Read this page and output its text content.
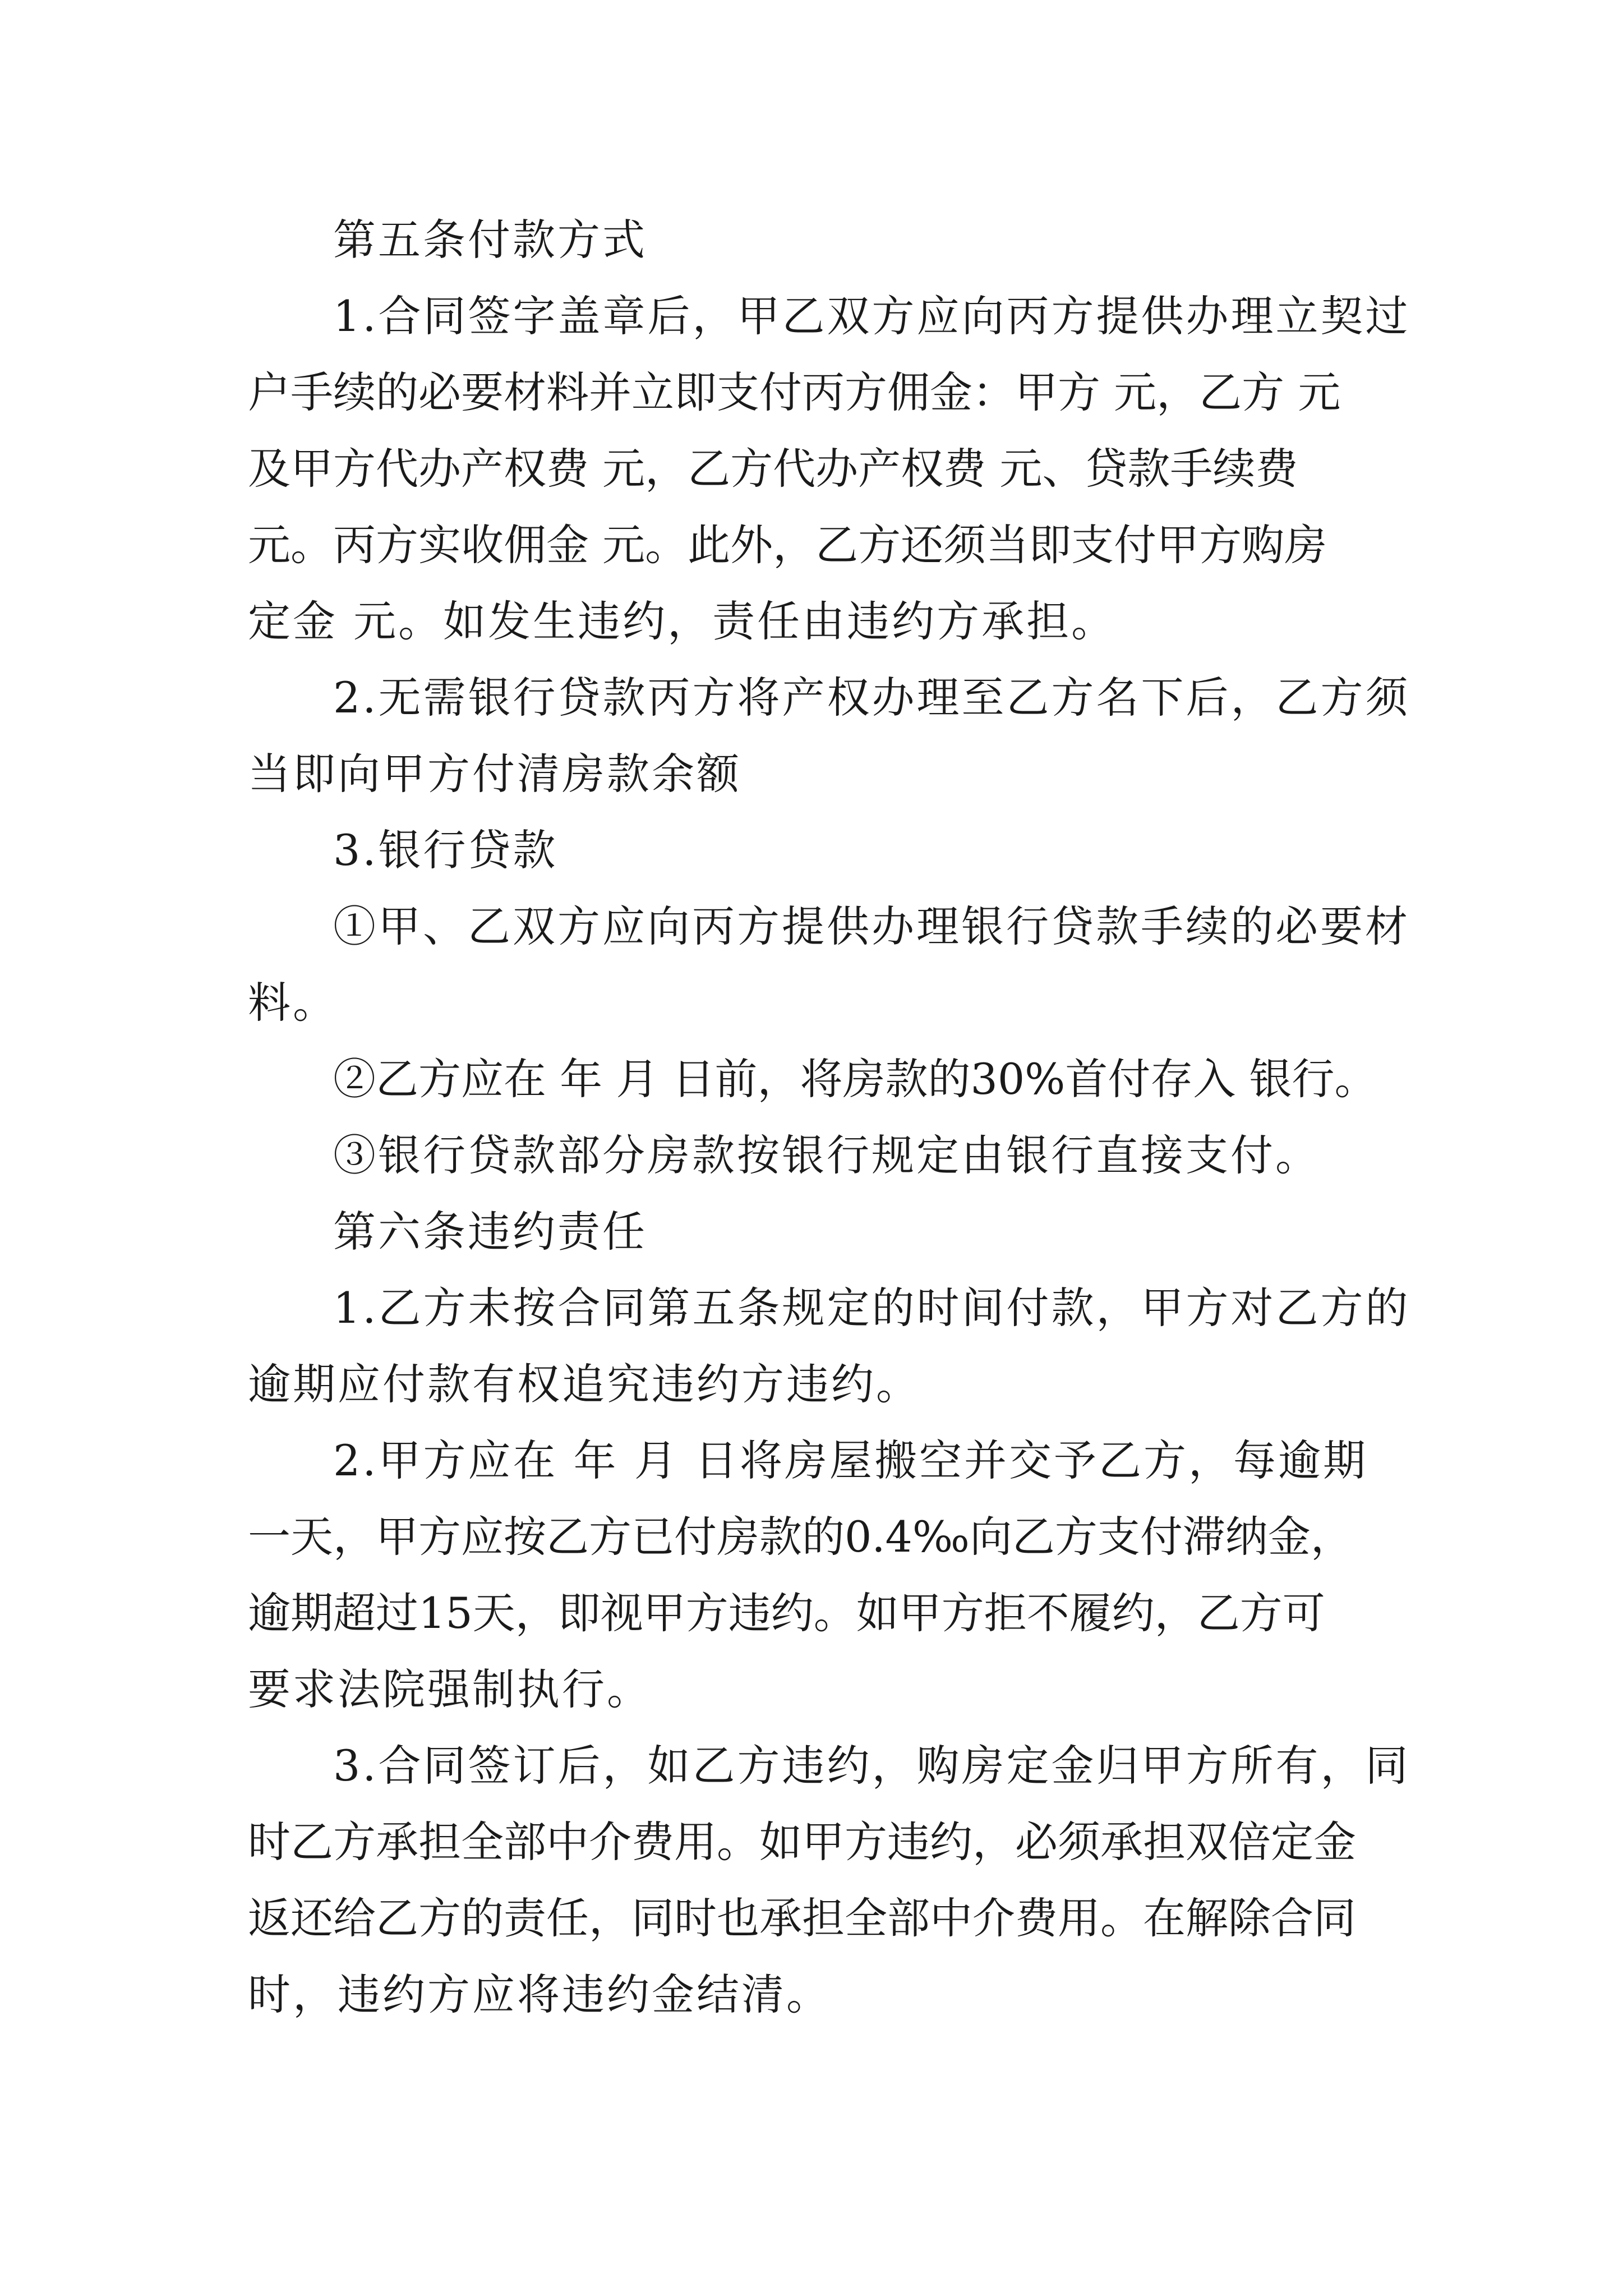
第五条付款方式
1.合同签字盖章后，甲乙双方应向丙方提供办理立契过
户手续的必要材料并立即支付丙方佣金：甲方 元，乙方 元
及甲方代办产权费 元，乙方代办产权费 元、贷款手续费
元。丙方实收佣金 元。此外，乙方还须当即支付甲方购房
定金 元。如发生违约，责任由违约方承担。
2.无需银行贷款丙方将产权办理至乙方名下后，乙方须
当即向甲方付清房款余额
3.银行贷款
①甲、乙双方应向丙方提供办理银行贷款手续的必要材
料。
②乙方应在 年 月 日前，将房款的30%首付存入 银行。
③银行贷款部分房款按银行规定由银行直接支付。
第六条违约责任
1.乙方未按合同第五条规定的时间付款，甲方对乙方的
逾期应付款有权追究违约方违约。
2.甲方应在 年 月 日将房屋搬空并交予乙方，每逾期
一天，甲方应按乙方已付房款的0.4‰向乙方支付滞纳金，
逾期超过15天，即视甲方违约。如甲方拒不履约，乙方可
要求法院强制执行。
3.合同签订后，如乙方违约，购房定金归甲方所有，同
时乙方承担全部中介费用。如甲方违约，必须承担双倍定金
返还给乙方的责任，同时也承担全部中介费用。在解除合同
时，违约方应将违约金结清。
